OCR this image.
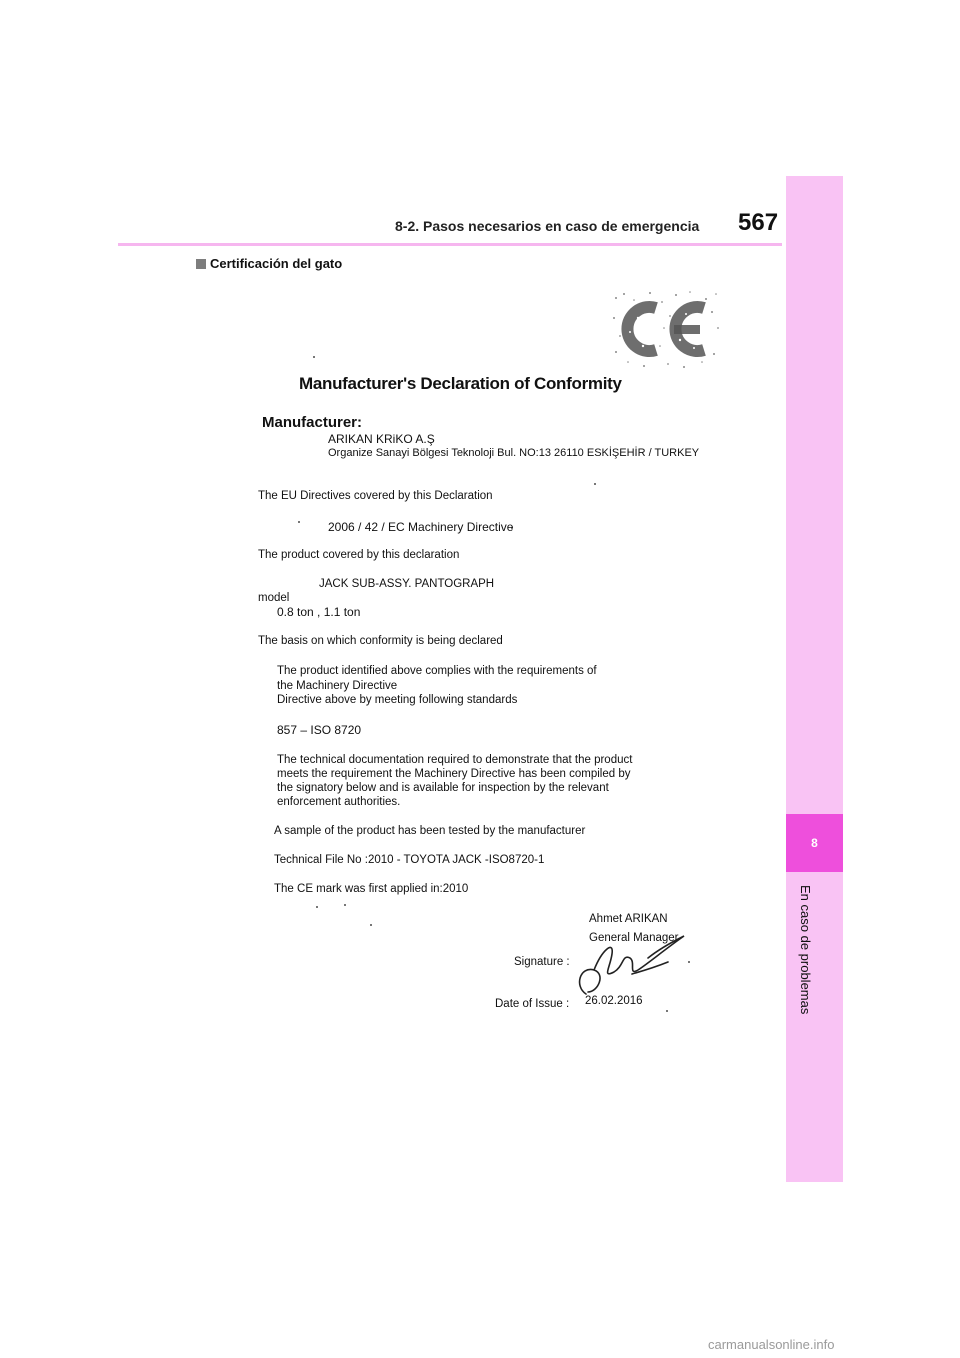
8-2. Pasos necesarios en caso de emergencia 567
8
En caso de problemas
Certificación del gato
Manufacturer's Declaration of Conformity
Manufacturer:
ARIKAN KRiKO A.Ş
Organize Sanayi Bölgesi Teknoloji Bul. NO:13 26110 ESKİŞEHİR / TURKEY
The EU Directives covered by this Declaration
2006 / 42 / EC Machinery Directive
The product covered by this declaration
JACK SUB-ASSY. PANTOGRAPH
model
0.8 ton , 1.1 ton
The basis on which conformity is being declared
The product identified above complies with the requirements of
the Machinery Directive
Directive above by meeting following standards
857 – ISO 8720
The technical documentation required to demonstrate that the product
meets the requirement the Machinery Directive has been compiled by
the signatory below and is available for inspection by the relevant
enforcement authorities.
A sample of the product has been tested by the manufacturer
Technical File No :2010 - TOYOTA JACK -ISO8720-1
The CE mark was first applied in:2010
Ahmet ARIKAN
General Manager
Signature :
Date of Issue : 26.02.2016
carmanualsonline.info
